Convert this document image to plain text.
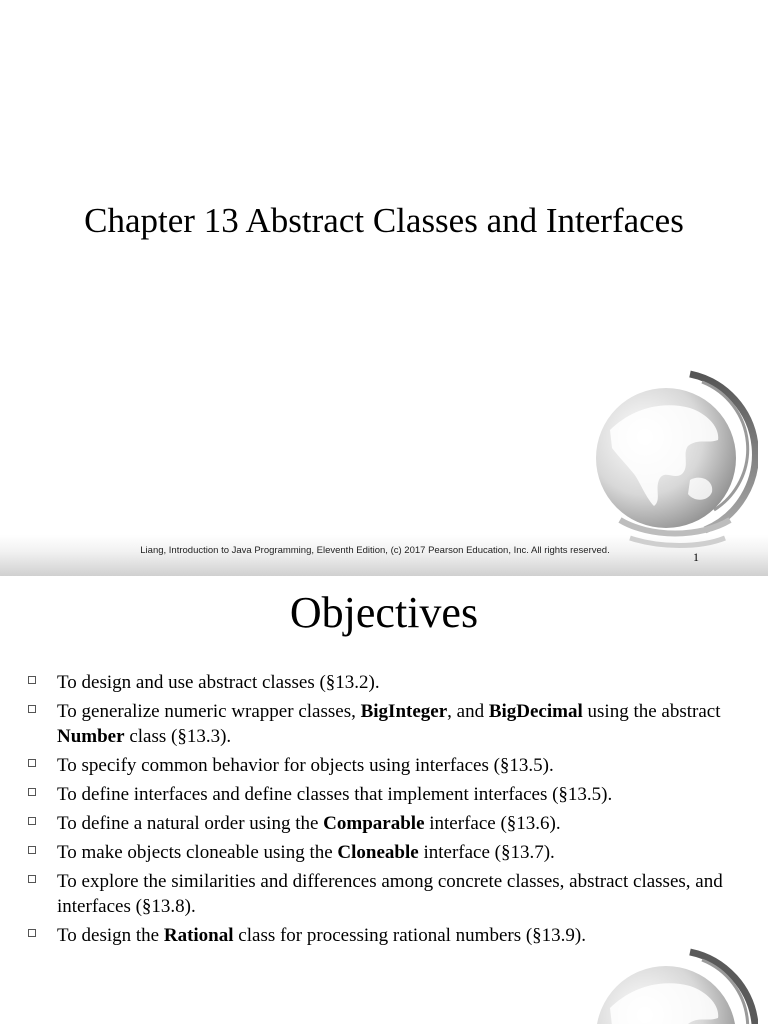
Chapter 13 Abstract Classes and Interfaces
Liang, Introduction to Java Programming, Eleventh Edition, (c) 2017 Pearson Education, Inc. All rights reserved.	1
Objectives
To design and use abstract classes (§13.2).
To generalize numeric wrapper classes, BigInteger, and BigDecimal using the abstract Number class (§13.3).
To specify common behavior for objects using interfaces (§13.5).
To define interfaces and define classes that implement interfaces (§13.5).
To define a natural order using the Comparable interface (§13.6).
To make objects cloneable using the Cloneable interface (§13.7).
To explore the similarities and differences among concrete classes, abstract classes, and interfaces (§13.8).
To design the Rational class for processing rational numbers (§13.9).
